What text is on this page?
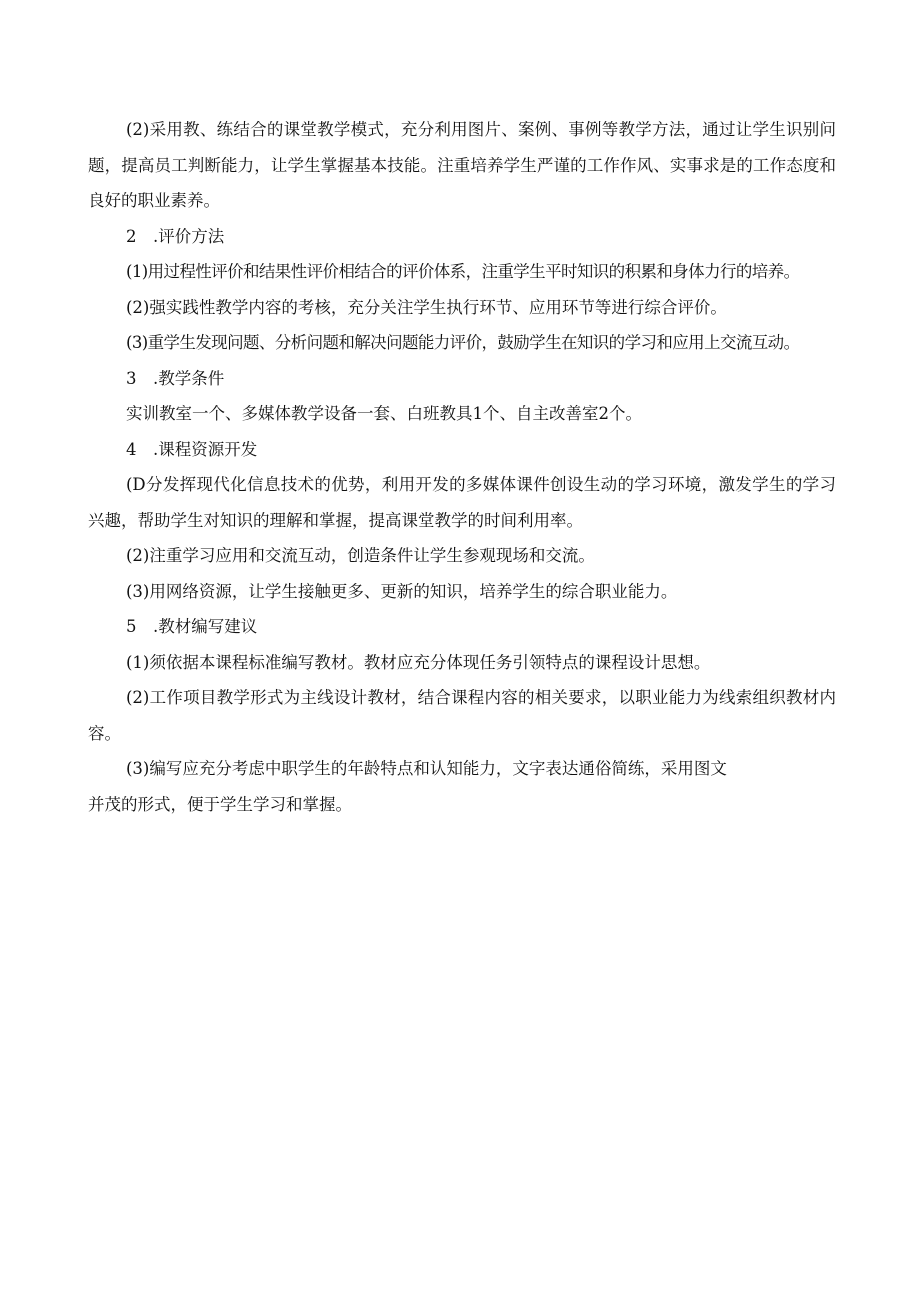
(2)采用教、练结合的课堂教学模式，充分利用图片、案例、事例等教学方法，通过让学生识别问题，提高员工判断能力，让学生掌握基本技能。注重培养学生严谨的工作作风、实事求是的工作态度和良好的职业素养。

2　.评价方法

(1)用过程性评价和结果性评价相结合的评价体系，注重学生平时知识的积累和身体力行的培养。

(2)强实践性教学内容的考核，充分关注学生执行环节、应用环节等进行综合评价。

(3)重学生发现问题、分析问题和解决问题能力评价，鼓励学生在知识的学习和应用上交流互动。

3　.教学条件

实训教室一个、多媒体教学设备一套、白班教具1个、自主改善室2个。

4　.课程资源开发

(D分发挥现代化信息技术的优势，利用开发的多媒体课件创设生动的学习环境，激发学生的学习兴趣，帮助学生对知识的理解和掌握，提高课堂教学的时间利用率。

(2)注重学习应用和交流互动，创造条件让学生参观现场和交流。

(3)用网络资源，让学生接触更多、更新的知识，培养学生的综合职业能力。

5　.教材编写建议

(1)须依据本课程标准编写教材。教材应充分体现任务引领特点的课程设计思想。

(2)工作项目教学形式为主线设计教材，结合课程内容的相关要求，以职业能力为线索组织教材内容。

(3)编写应充分考虑中职学生的年龄特点和认知能力，文字表达通俗简练，采用图文

并茂的形式，便于学生学习和掌握。
